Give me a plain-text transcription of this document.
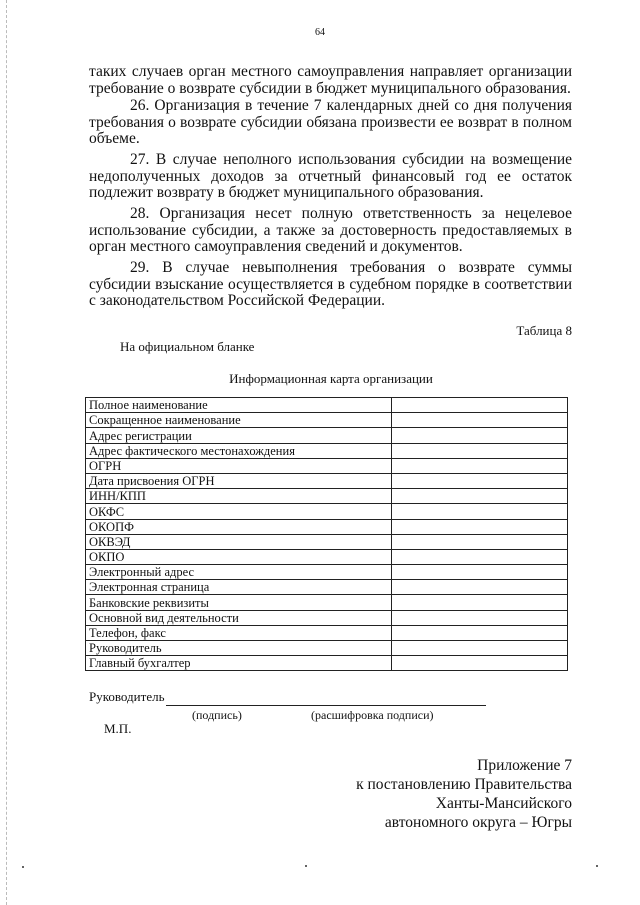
64

таких случаев орган местного самоуправления направляет организации требование о возврате субсидии в бюджет муниципального образования.

26. Организация в течение 7 календарных дней со дня получения требования о возврате субсидии обязана произвести ее возврат в полном объеме.

27. В случае неполного использования субсидии на возмещение недополученных доходов за отчетный финансовый год ее остаток подлежит возврату в бюджет муниципального образования.

28. Организация несет полную ответственность за нецелевое использование субсидии, а также за достоверность предоставляемых в орган местного самоуправления сведений и документов.

29. В случае невыполнения требования о возврате суммы субсидии взыскание осуществляется в судебном порядке в соответствии с законодательством Российской Федерации.

Таблица 8
На официальном бланке
Информационная карта организации
Полное наименование	
Сокращенное наименование	
Адрес регистрации	
Адрес фактического местонахождения	
ОГРН	
Дата присвоения ОГРН	
ИНН/КПП	
ОКФС	
ОКОПФ	
ОКВЭД	
ОКПО	
Электронный адрес	
Электронная страница	
Банковские реквизиты	
Основной вид деятельности	
Телефон, факс	
Руководитель	
Главный бухгалтер	
Руководитель
(подпись)	(расшифровка подписи)
М.П.
Приложение 7
к постановлению Правительства
Ханты-Мансийского
автономного округа – Югры
